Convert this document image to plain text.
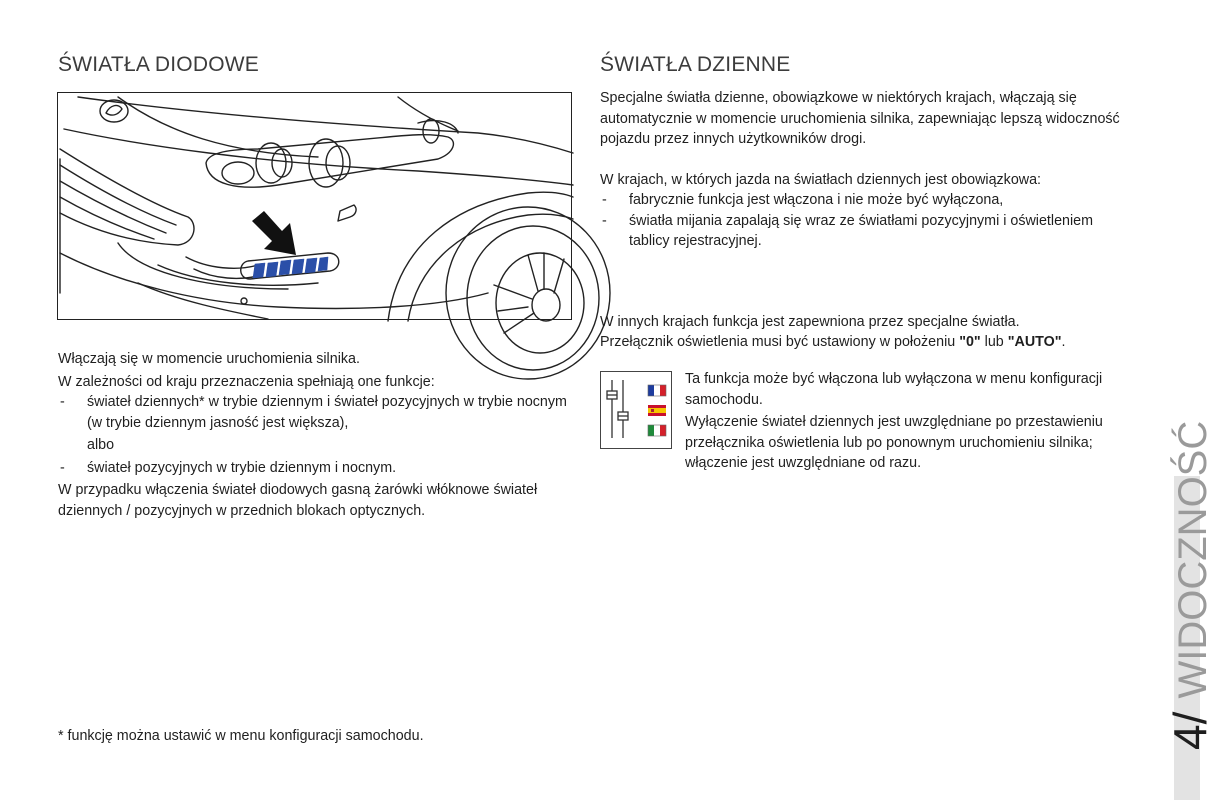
ŚWIATŁA DIODOWE	ŚWIATŁA DZIENNE

Włączają się w momencie uruchomienia silnika.

W zależności od kraju przeznaczenia spełniają one funkcje:

- świateł dziennych* w trybie dziennym i świateł pozycyjnych w trybie nocnym (w trybie dziennym jasność jest większa),

albo

- świateł pozycyjnych w trybie dziennym i nocnym.

W przypadku włączenia świateł diodowych gasną żarówki włóknowe świateł dziennych / pozycyjnych w przednich blokach optycznych.

Specjalne światła dzienne, obowiązkowe w niektórych krajach, włączają się automatycznie w momencie uruchomienia silnika, zapewniając lepszą widoczność pojazdu przez innych użytkowników drogi.

W krajach, w których jazda na światłach dziennych jest obowiązkowa:

- fabrycznie funkcja jest włączona i nie może być wyłączona,
- światła mijania zapalają się wraz ze światłami pozycyjnymi i oświetleniem tablicy rejestracyjnej.

W innych krajach funkcja jest zapewniona przez specjalne światła.

Przełącznik oświetlenia musi być ustawiony w położeniu "0" lub "AUTO".

Ta funkcja może być włączona lub wyłączona w menu konfiguracji samochodu.

Wyłączenie świateł dziennych jest uwzględniane po przestawieniu przełącznika oświetlenia lub po ponownym uruchomieniu silnika; włączenie jest uwzględniane od razu.

* funkcję można ustawić w menu konfiguracji samochodu.	4/ WIDOCZNOŚĆ
